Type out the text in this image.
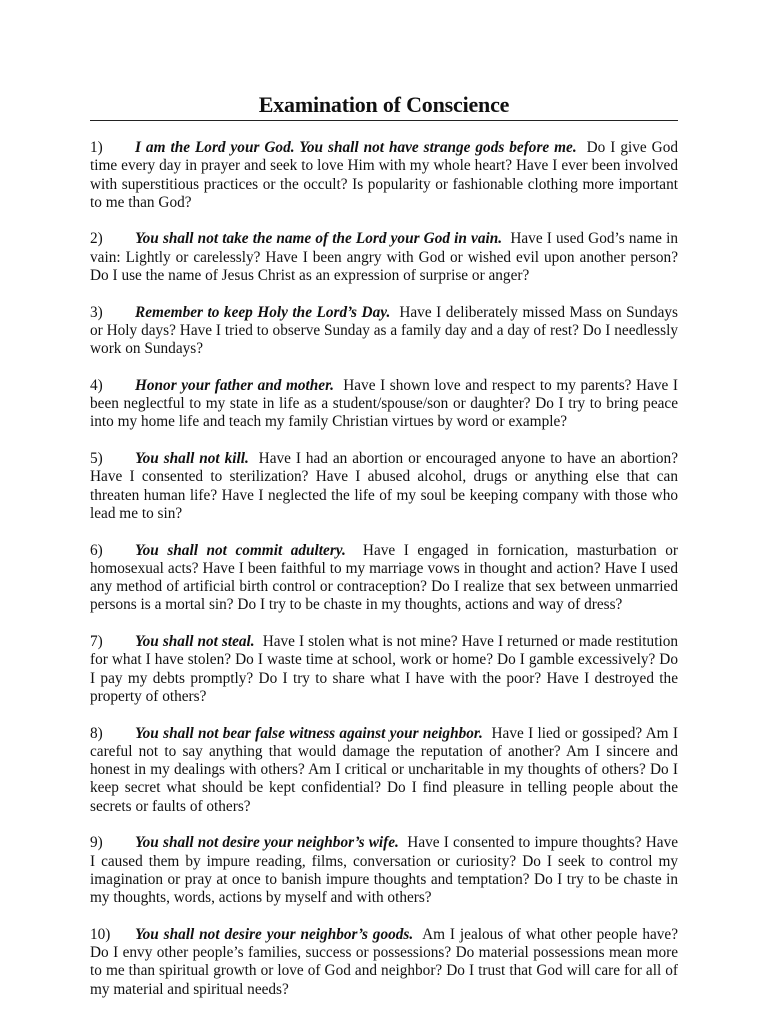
Examination of Conscience

1) I am the Lord your God. You shall not have strange gods before me. Do I give God time every day in prayer and seek to love Him with my whole heart? Have I ever been involved with superstitious practices or the occult? Is popularity or fashionable clothing more important to me than God?

2) You shall not take the name of the Lord your God in vain. Have I used God’s name in vain: Lightly or carelessly? Have I been angry with God or wished evil upon another person? Do I use the name of Jesus Christ as an expression of surprise or anger?

3) Remember to keep Holy the Lord’s Day. Have I deliberately missed Mass on Sundays or Holy days? Have I tried to observe Sunday as a family day and a day of rest? Do I needlessly work on Sundays?

4) Honor your father and mother. Have I shown love and respect to my parents? Have I been neglectful to my state in life as a student/spouse/son or daughter? Do I try to bring peace into my home life and teach my family Christian virtues by word or example?

5) You shall not kill. Have I had an abortion or encouraged anyone to have an abortion? Have I consented to sterilization? Have I abused alcohol, drugs or anything else that can threaten human life? Have I neglected the life of my soul be keeping company with those who lead me to sin?

6) You shall not commit adultery. Have I engaged in fornication, masturbation or homosexual acts? Have I been faithful to my marriage vows in thought and action? Have I used any method of artificial birth control or contraception? Do I realize that sex between unmarried persons is a mortal sin? Do I try to be chaste in my thoughts, actions and way of dress?

7) You shall not steal. Have I stolen what is not mine? Have I returned or made restitution for what I have stolen? Do I waste time at school, work or home? Do I gamble excessively? Do I pay my debts promptly? Do I try to share what I have with the poor? Have I destroyed the property of others?

8) You shall not bear false witness against your neighbor. Have I lied or gossiped? Am I careful not to say anything that would damage the reputation of another? Am I sincere and honest in my dealings with others? Am I critical or uncharitable in my thoughts of others? Do I keep secret what should be kept confidential? Do I find pleasure in telling people about the secrets or faults of others?

9) You shall not desire your neighbor’s wife. Have I consented to impure thoughts? Have I caused them by impure reading, films, conversation or curiosity? Do I seek to control my imagination or pray at once to banish impure thoughts and temptation? Do I try to be chaste in my thoughts, words, actions by myself and with others?

10) You shall not desire your neighbor’s goods. Am I jealous of what other people have? Do I envy other people’s families, success or possessions? Do material possessions mean more to me than spiritual growth or love of God and neighbor? Do I trust that God will care for all of my material and spiritual needs?
